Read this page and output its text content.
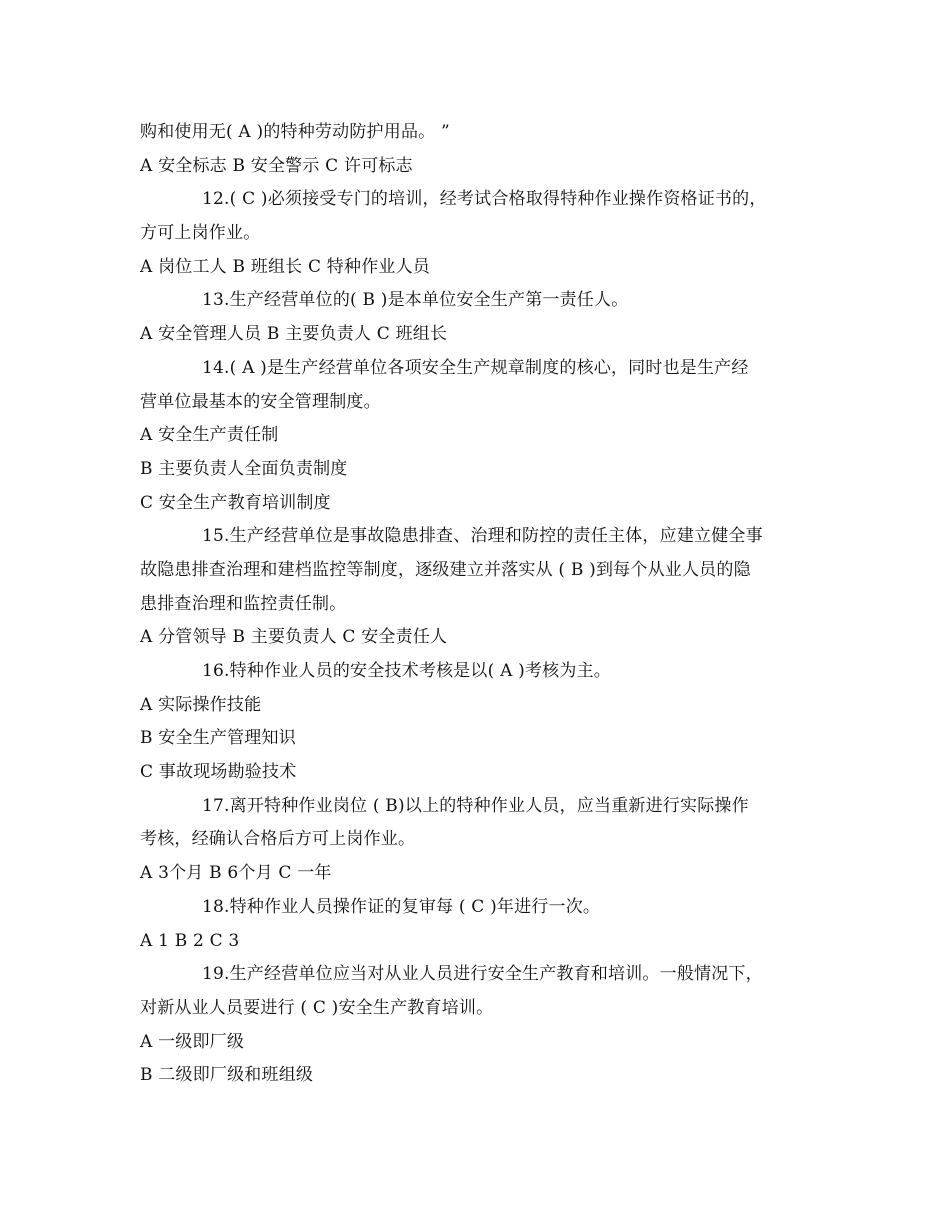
购和使用无( A )的特种劳动防护用品。 ”
A 安全标志 B 安全警示 C 许可标志
12.( C )必须接受专门的培训，经考试合格取得特种作业操作资格证书的，
方可上岗作业。
A 岗位工人 B 班组长 C 特种作业人员
13.生产经营单位的( B )是本单位安全生产第一责任人。
A 安全管理人员 B 主要负责人 C 班组长
14.( A )是生产经营单位各项安全生产规章制度的核心，同时也是生产经
营单位最基本的安全管理制度。
A 安全生产责任制
B 主要负责人全面负责制度
C 安全生产教育培训制度
15.生产经营单位是事故隐患排查、治理和防控的责任主体，应建立健全事
故隐患排查治理和建档监控等制度，逐级建立并落实从 ( B )到每个从业人员的隐
患排查治理和监控责任制。
A 分管领导 B 主要负责人 C 安全责任人
16.特种作业人员的安全技术考核是以( A )考核为主。
A 实际操作技能
B 安全生产管理知识
C 事故现场勘验技术
17.离开特种作业岗位 ( B)以上的特种作业人员，应当重新进行实际操作
考核，经确认合格后方可上岗作业。
A 3个月 B 6个月 C 一年
18.特种作业人员操作证的复审每 ( C )年进行一次。
A 1 B 2 C 3
19.生产经营单位应当对从业人员进行安全生产教育和培训。一般情况下，
对新从业人员要进行 ( C )安全生产教育培训。
A 一级即厂级
B 二级即厂级和班组级
